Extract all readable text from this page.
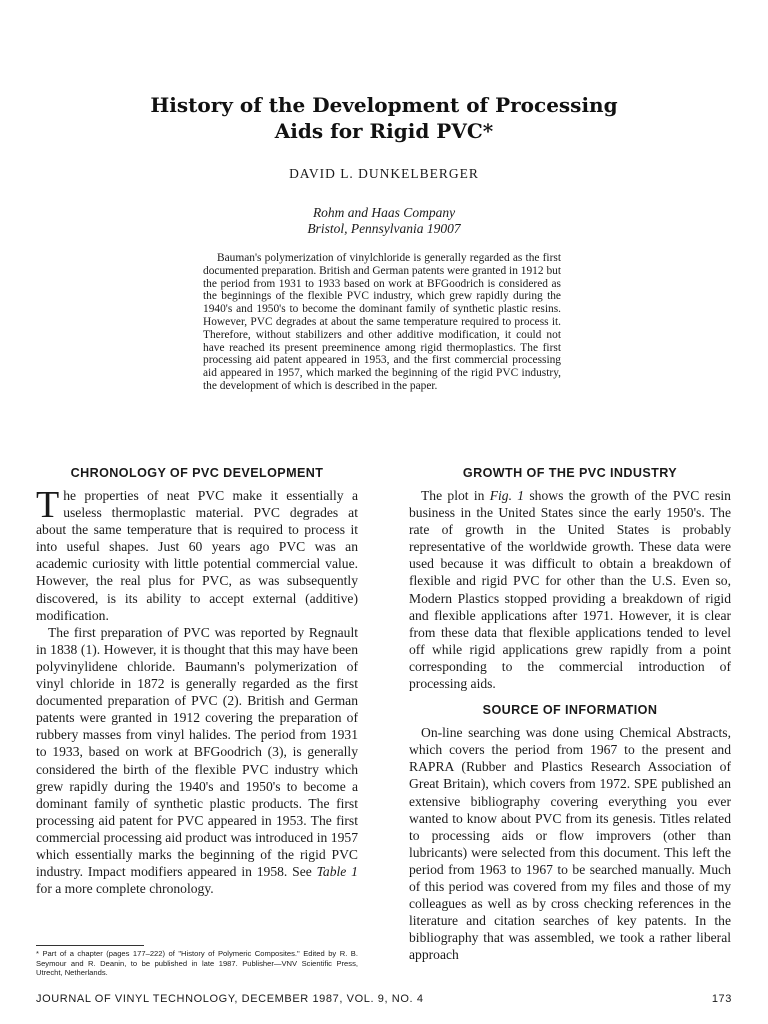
History of the Development of Processing
Aids for Rigid PVC*
DAVID L. DUNKELBERGER
Rohm and Haas Company
Bristol, Pennsylvania 19007

Bauman's polymerization of vinylchloride is generally regarded as the first documented preparation. British and German patents were granted in 1912 but the period from 1931 to 1933 based on work at BFGoodrich is considered as the beginnings of the flexible PVC industry, which grew rapidly during the 1940's and 1950's to become the dominant family of synthetic plastic resins. However, PVC degrades at about the same temperature required to process it. Therefore, without stabilizers and other additive modification, it could not have reached its present preeminence among rigid thermoplastics. The first processing aid patent appeared in 1953, and the first commercial processing aid appeared in 1957, which marked the beginning of the rigid PVC industry, the development of which is described in the paper.

CHRONOLOGY OF PVC DEVELOPMENT

The properties of neat PVC make it essentially a useless thermoplastic material. PVC degrades at about the same temperature that is required to process it into useful shapes. Just 60 years ago PVC was an academic curiosity with little potential commercial value. However, the real plus for PVC, as was subsequently discovered, is its ability to accept external (additive) modification.

The first preparation of PVC was reported by Regnault in 1838 (1). However, it is thought that this may have been polyvinylidene chloride. Baumann's polymerization of vinyl chloride in 1872 is generally regarded as the first documented preparation of PVC (2). British and German patents were granted in 1912 covering the preparation of rubbery masses from vinyl halides. The period from 1931 to 1933, based on work at BFGoodrich (3), is generally considered the birth of the flexible PVC industry which grew rapidly during the 1940's and 1950's to become a dominant family of synthetic plastic products. The first processing aid patent for PVC appeared in 1953. The first commercial processing aid product was introduced in 1957 which essentially marks the beginning of the rigid PVC industry. Impact modifiers appeared in 1958. See Table 1 for a more complete chronology.

GROWTH OF THE PVC INDUSTRY

The plot in Fig. 1 shows the growth of the PVC resin business in the United States since the early 1950's. The rate of growth in the United States is probably representative of the worldwide growth. These data were used because it was difficult to obtain a breakdown of flexible and rigid PVC for other than the U.S. Even so, Modern Plastics stopped providing a breakdown of rigid and flexible applications after 1971. However, it is clear from these data that flexible applications tended to level off while rigid applications grew rapidly from a point corresponding to the commercial introduction of processing aids.

SOURCE OF INFORMATION

On-line searching was done using Chemical Abstracts, which covers the period from 1967 to the present and RAPRA (Rubber and Plastics Research Association of Great Britain), which covers from 1972. SPE published an extensive bibliography covering everything you ever wanted to know about PVC from its genesis. Titles related to processing aids or flow improvers (other than lubricants) were selected from this document. This left the period from 1963 to 1967 to be searched manually. Much of this period was covered from my files and those of my colleagues as well as by cross checking references in the literature and citation searches of key patents. In the bibliography that was assembled, we took a rather liberal approach

* Part of a chapter (pages 177–222) of "History of Polymeric Composites." Edited by R. B. Seymour and R. Deanin, to be published in late 1987. Publisher—VNV Scientific Press, Utrecht, Netherlands.
JOURNAL OF VINYL TECHNOLOGY, DECEMBER 1987, VOL. 9, NO. 4	173
